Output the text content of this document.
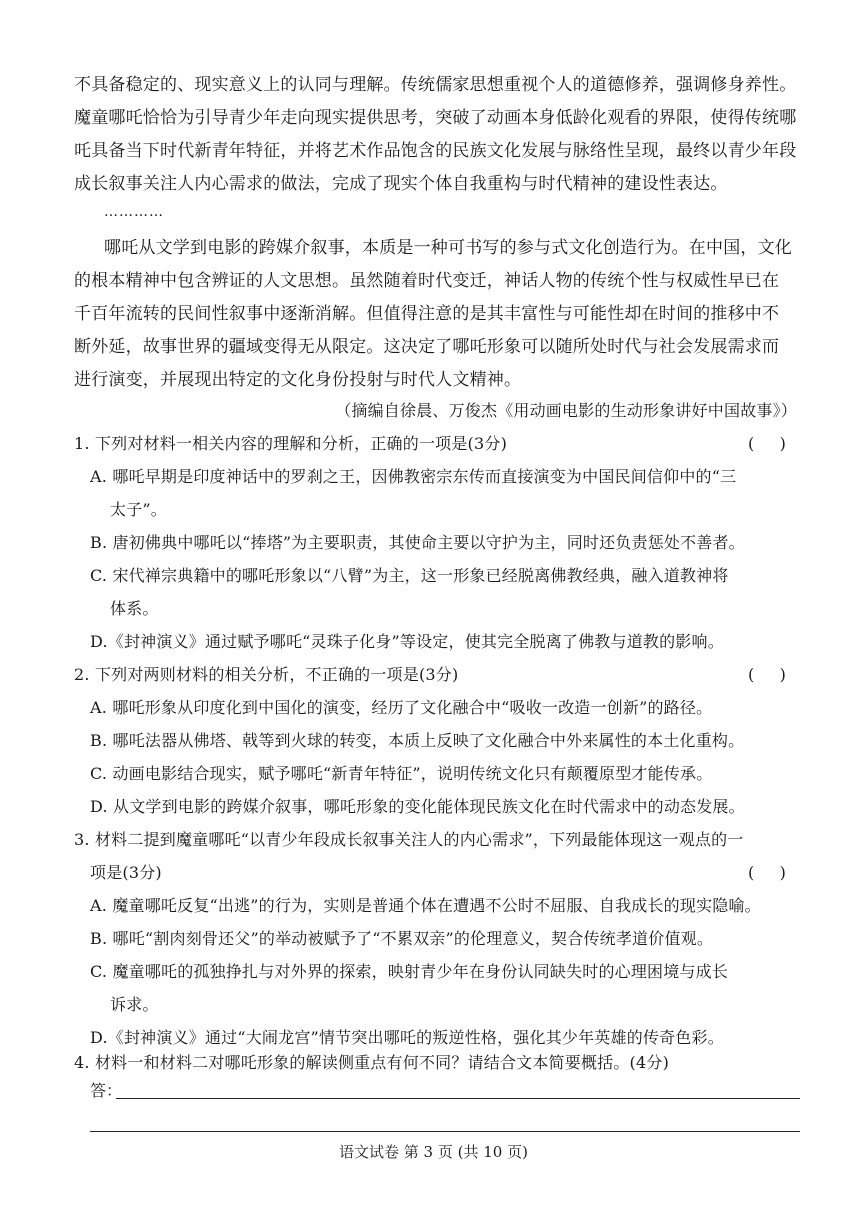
不具备稳定的、现实意义上的认同与理解。传统儒家思想重视个人的道德修养，强调修身养性。
魔童哪吒恰恰为引导青少年走向现实提供思考，突破了动画本身低龄化观看的界限，使得传统哪
吒具备当下时代新青年特征，并将艺术作品饱含的民族文化发展与脉络性呈现，最终以青少年段
成长叙事关注人内心需求的做法，完成了现实个体自我重构与时代精神的建设性表达。
…………
哪吒从文学到电影的跨媒介叙事，本质是一种可书写的参与式文化创造行为。在中国，文化
的根本精神中包含辨证的人文思想。虽然随着时代变迁，神话人物的传统个性与权威性早已在
千百年流转的民间性叙事中逐渐消解。但值得注意的是其丰富性与可能性却在时间的推移中不
断外延，故事世界的疆域变得无从限定。这决定了哪吒形象可以随所处时代与社会发展需求而
进行演变，并展现出特定的文化身份投射与时代人文精神。
（摘编自徐晨、万俊杰《用动画电影的生动形象讲好中国故事》）
1. 下列对材料一相关内容的理解和分析，正确的一项是(3分)	(     )
A. 哪吒早期是印度神话中的罗刹之王，因佛教密宗东传而直接演变为中国民间信仰中的“三
太子”。
B. 唐初佛典中哪吒以“捧塔”为主要职责，其使命主要以守护为主，同时还负责惩处不善者。
C. 宋代禅宗典籍中的哪吒形象以“八臂”为主，这一形象已经脱离佛教经典，融入道教神将
体系。
D.《封神演义》通过赋予哪吒“灵珠子化身”等设定，使其完全脱离了佛教与道教的影响。
2. 下列对两则材料的相关分析，不正确的一项是(3分)	(     )
A. 哪吒形象从印度化到中国化的演变，经历了文化融合中“吸收一改造一创新”的路径。
B. 哪吒法器从佛塔、戟等到火球的转变，本质上反映了文化融合中外来属性的本土化重构。
C. 动画电影结合现实，赋予哪吒“新青年特征”，说明传统文化只有颠覆原型才能传承。
D. 从文学到电影的跨媒介叙事，哪吒形象的变化能体现民族文化在时代需求中的动态发展。
3. 材料二提到魔童哪吒“以青少年段成长叙事关注人的内心需求”，下列最能体现这一观点的一
项是(3分)	(     )
A. 魔童哪吒反复“出逃”的行为，实则是普通个体在遭遇不公时不屈服、自我成长的现实隐喻。
B. 哪吒“割肉刻骨还父”的举动被赋予了“不累双亲”的伦理意义，契合传统孝道价值观。
C. 魔童哪吒的孤独挣扎与对外界的探索，映射青少年在身份认同缺失时的心理困境与成长
诉求。
D.《封神演义》通过“大闹龙宫”情节突出哪吒的叛逆性格，强化其少年英雄的传奇色彩。
4. 材料一和材料二对哪吒形象的解读侧重点有何不同？请结合文本简要概括。(4分)
答：
语文试卷 第 3 页 (共 10 页)
